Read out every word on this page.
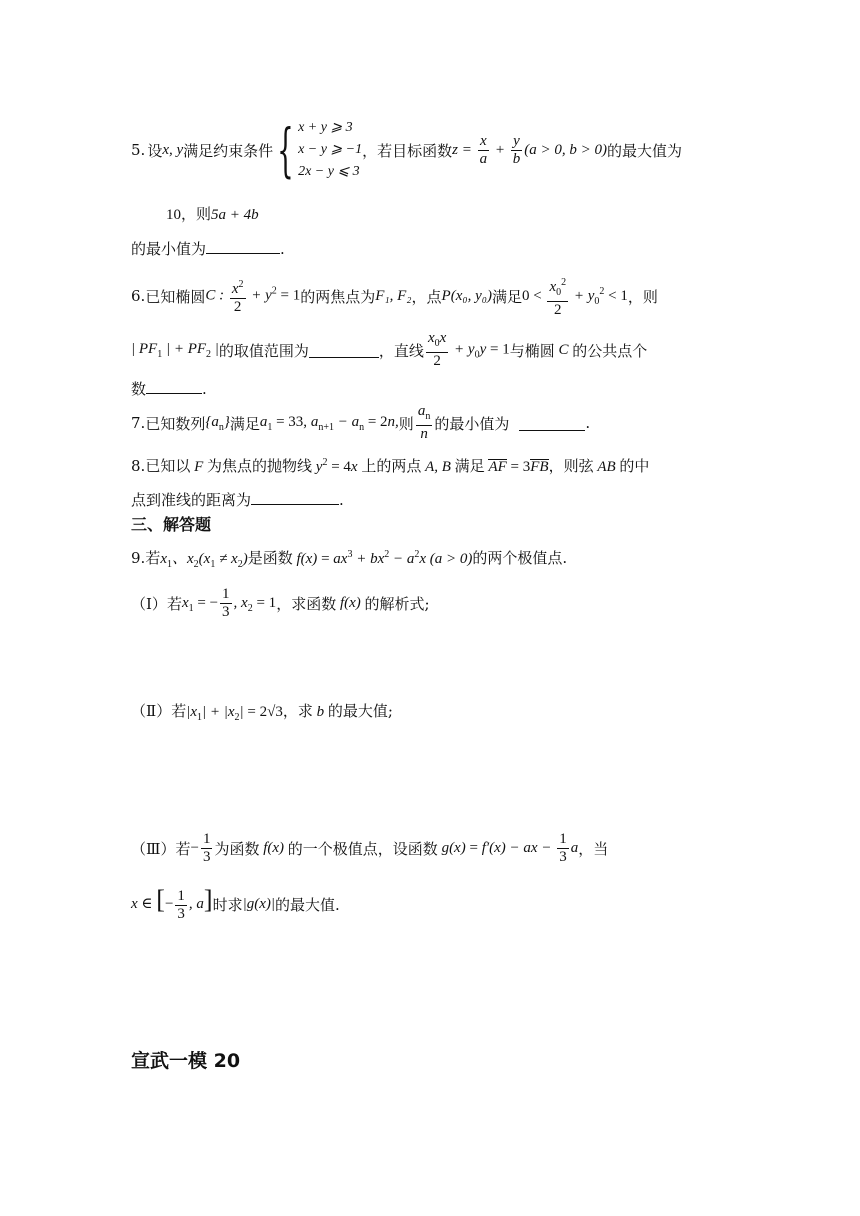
5. 设 x, y 满足约束条件 { x + y ⩾ 3
x − y ⩾ −1
2x − y ⩽ 3
，若目标函数 $z = \frac{x}{a} + \frac{y}{b} (a > 0$, b > 0) 的最大值为
10，则5a + 4b
的最小值为	.
6. 已知椭圆 C : $\frac{x^2}{2} + y^2 = 1$ 的两焦点为 F₁, F₂ ，点 P(x₀, y₀) 满足 $0 < \frac{x_0^2}{2} + y_0^2 < 1$ ，则
| $PF_1$ | + $PF_2$ | 的取值范围为	，直线 $\frac{x_0x}{2} + y_0y = 1$ 与椭圆 C 的公共点个
数	.
7. 已知数列 $\{a_n\}$ 满足 $a_1 = 33$, $a_{n+1} - a_n = 2n$, 则 $\frac{a_n}{n}$ 的最小值为	.
8.已知以 F 为焦点的抛物线 $y^2 = 4x$ 上的两点 A, B 满足 AF = 3FB，则弦 AB 的中
点到准线的距离为	.
三、解答题
9.若$x_1$、$x_2(x_1 \ne x_2)$是函数 $f(x) = ax^3 + bx^2 - a^2x$ (a > 0)的两个极值点.
（Ⅰ） 若 $x_1$ = − $\frac{1}{3}$ , $x_2 = 1$ ，求函数 f(x) 的解析式;
（Ⅱ）若$|x_1| + |x_2| = 2√3$，求 b 的最大值;
（Ⅲ） 若 − $\frac{1}{3}$ 为函数 f(x) 的一个极值点，设函数 g(x) = f′(x) − ax − $\frac{1}{3}$ a ，当
x ∈ [− $\frac{1}{3}$ , a] 时求 |g(x)| 的最大值.
宣武一模 20
